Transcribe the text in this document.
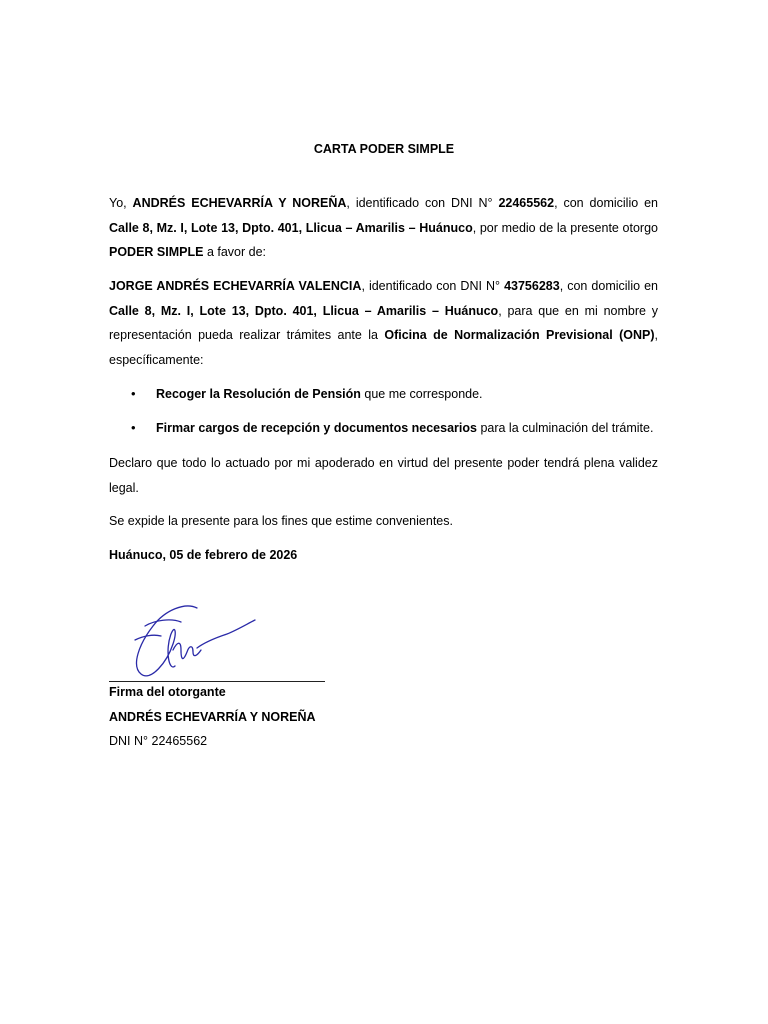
CARTA PODER SIMPLE
Yo, ANDRÉS ECHEVARRÍA Y NOREÑA, identificado con DNI N° 22465562, con domicilio en Calle 8, Mz. I, Lote 13, Dpto. 401, Llicua – Amarilis – Huánuco, por medio de la presente otorgo PODER SIMPLE a favor de:
JORGE ANDRÉS ECHEVARRÍA VALENCIA, identificado con DNI N° 43756283, con domicilio en Calle 8, Mz. I, Lote 13, Dpto. 401, Llicua – Amarilis – Huánuco, para que en mi nombre y representación pueda realizar trámites ante la Oficina de Normalización Previsional (ONP), específicamente:
• Recoger la Resolución de Pensión que me corresponde.
• Firmar cargos de recepción y documentos necesarios para la culminación del trámite.
Declaro que todo lo actuado por mi apoderado en virtud del presente poder tendrá plena validez legal.
Se expide la presente para los fines que estime convenientes.
Huánuco, 05 de febrero de 2026
Firma del otorgante
ANDRÉS ECHEVARRÍA Y NOREÑA
DNI N° 22465562
